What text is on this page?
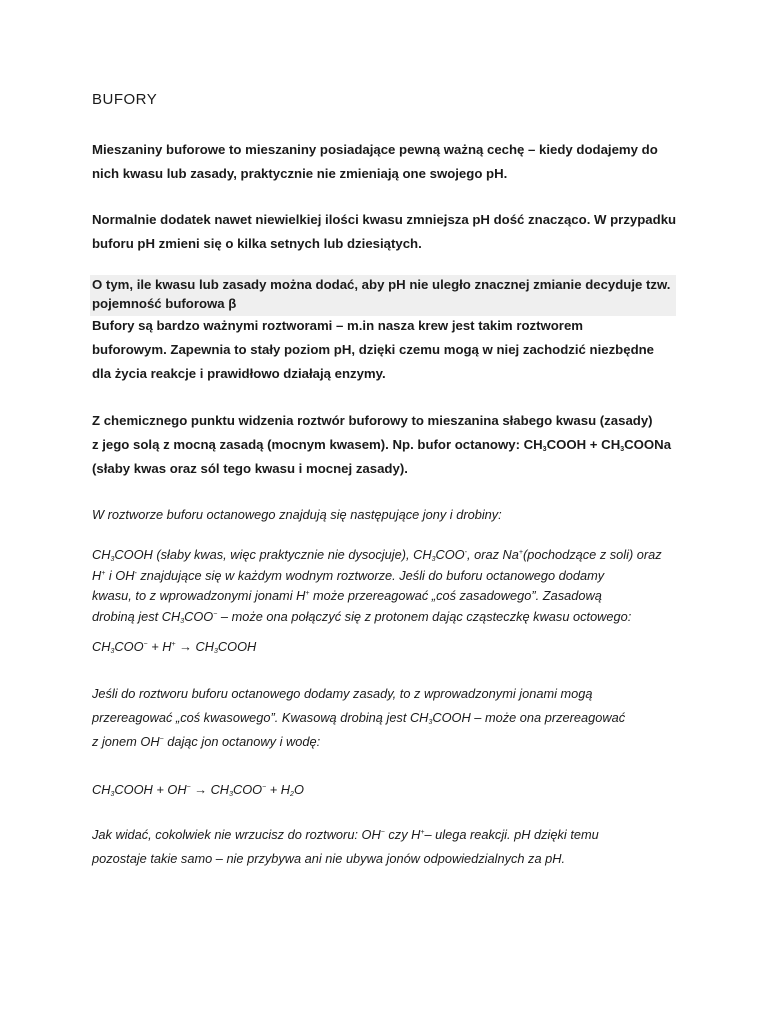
BUFORY
Mieszaniny buforowe to mieszaniny posiadające pewną ważną cechę – kiedy dodajemy do
nich kwasu lub zasady, praktycznie nie zmieniają one swojego pH.
Normalnie dodatek nawet niewielkiej ilości kwasu zmniejsza pH dość znacząco. W przypadku
buforu pH zmieni się o kilka setnych lub dziesiątych.
O tym, ile kwasu lub zasady można dodać, aby pH nie uległo znacznej zmianie decyduje tzw.
pojemność buforowa β
Bufory są bardzo ważnymi roztworami – m.in nasza krew jest takim roztworem
buforowym. Zapewnia to stały poziom pH, dzięki czemu mogą w niej zachodzić niezbędne
dla życia reakcje i prawidłowo działają enzymy.
Z chemicznego punktu widzenia roztwór buforowy to mieszanina słabego kwasu (zasady)
z jego solą z mocną zasadą (mocnym kwasem). Np. bufor octanowy: $CH_3COOH$ + $CH_3COONa$
(słaby kwas oraz sól tego kwasu i mocnej zasady).
W roztworze buforu octanowego znajdują się następujące jony i drobiny:
$CH_3COOH$ (słaby kwas, więc praktycznie nie dysocjuje), $CH_3COO^-$, oraz Na+(pochodzące z soli) oraz
H+ i OH- znajdujące się w każdym wodnym roztworze. Jeśli do buforu octanowego dodamy
kwasu, to z wprowadzonymi jonami H+ może przereagować „coś zasadowego”. Zasadową
drobiną jest $CH_3COO^-$ – może ona połączyć się z protonem dając cząsteczkę kwasu octowego:
$CH_3COO^- + H^+$ → $CH_3COOH$
Jeśli do roztworu buforu octanowego dodamy zasady, to z wprowadzonymi jonami mogą
przereagować „coś kwasowego”. Kwasową drobiną jest $CH_3COOH$ – może ona przereagować
z jonem OH− dając jon octanowy i wodę:
$CH_3COOH + OH^- \to CH_3COO^- + H_2O$
Jak widać, cokolwiek nie wrzucisz do roztworu: OH− czy H+– ulega reakcji. pH dzięki temu
pozostaje takie samo – nie przybywa ani nie ubywa jonów odpowiedzialnych za pH.
